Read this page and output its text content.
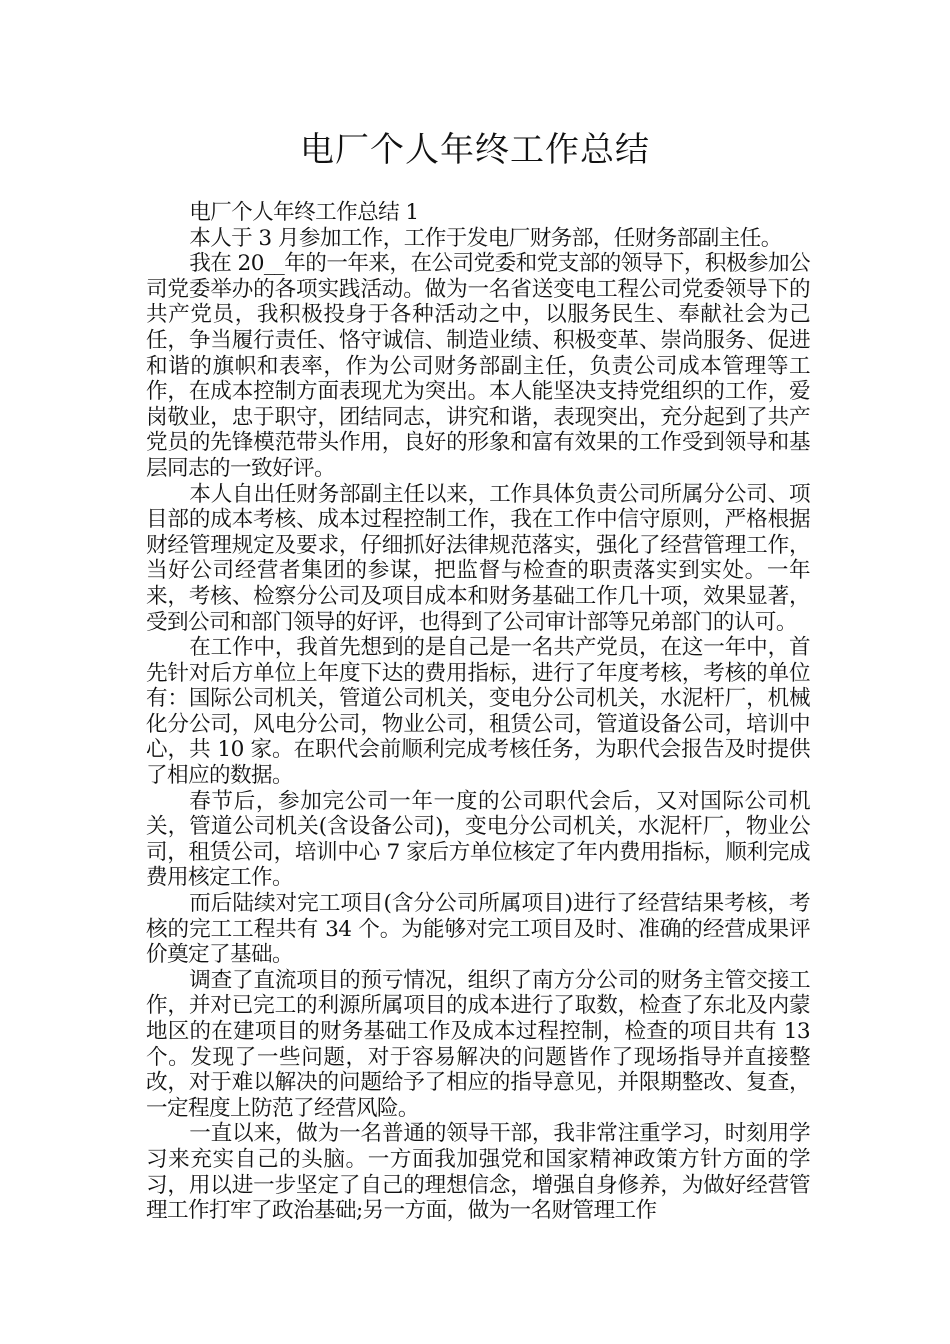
电厂个人年终工作总结

电厂个人年终工作总结 1

本人于 3 月参加工作，工作于发电厂财务部，任财务部副主任。

我在 20__年的一年来，在公司党委和党支部的领导下，积极参加公司党委举办的各项实践活动。做为一名省送变电工程公司党委领导下的共产党员，我积极投身于各种活动之中，以服务民生、奉献社会为己任，争当履行责任、恪守诚信、制造业绩、积极变革、崇尚服务、促进和谐的旗帜和表率，作为公司财务部副主任，负责公司成本管理等工作，在成本控制方面表现尤为突出。本人能坚决支持党组织的工作，爱岗敬业，忠于职守，团结同志，讲究和谐，表现突出，充分起到了共产党员的先锋模范带头作用，良好的形象和富有效果的工作受到领导和基层同志的一致好评。

本人自出任财务部副主任以来，工作具体负责公司所属分公司、项目部的成本考核、成本过程控制工作，我在工作中信守原则，严格根据财经管理规定及要求，仔细抓好法律规范落实，强化了经营管理工作，当好公司经营者集团的参谋，把监督与检查的职责落实到实处。一年来，考核、检察分公司及项目成本和财务基础工作几十项，效果显著，受到公司和部门领导的好评，也得到了公司审计部等兄弟部门的认可。

在工作中，我首先想到的是自己是一名共产党员，在这一年中，首先针对后方单位上年度下达的费用指标，进行了年度考核，考核的单位有：国际公司机关，管道公司机关，变电分公司机关，水泥杆厂，机械化分公司，风电分公司，物业公司，租赁公司，管道设备公司，培训中心，共 10 家。在职代会前顺利完成考核任务，为职代会报告及时提供了相应的数据。

春节后，参加完公司一年一度的公司职代会后，又对国际公司机关，管道公司机关(含设备公司)，变电分公司机关，水泥杆厂，物业公司，租赁公司，培训中心 7 家后方单位核定了年内费用指标，顺利完成费用核定工作。

而后陆续对完工项目(含分公司所属项目)进行了经营结果考核，考核的完工工程共有 34 个。为能够对完工项目及时、准确的经营成果评价奠定了基础。

调查了直流项目的预亏情况，组织了南方分公司的财务主管交接工作，并对已完工的利源所属项目的成本进行了取数，检查了东北及内蒙地区的在建项目的财务基础工作及成本过程控制，检查的项目共有 13 个。发现了一些问题，对于容易解决的问题皆作了现场指导并直接整改，对于难以解决的问题给予了相应的指导意见，并限期整改、复查，一定程度上防范了经营风险。

一直以来，做为一名普通的领导干部，我非常注重学习，时刻用学习来充实自己的头脑。一方面我加强党和国家精神政策方针方面的学习，用以进一步坚定了自己的理想信念，增强自身修养，为做好经营管理工作打牢了政治基础;另一方面，做为一名财管理工作
